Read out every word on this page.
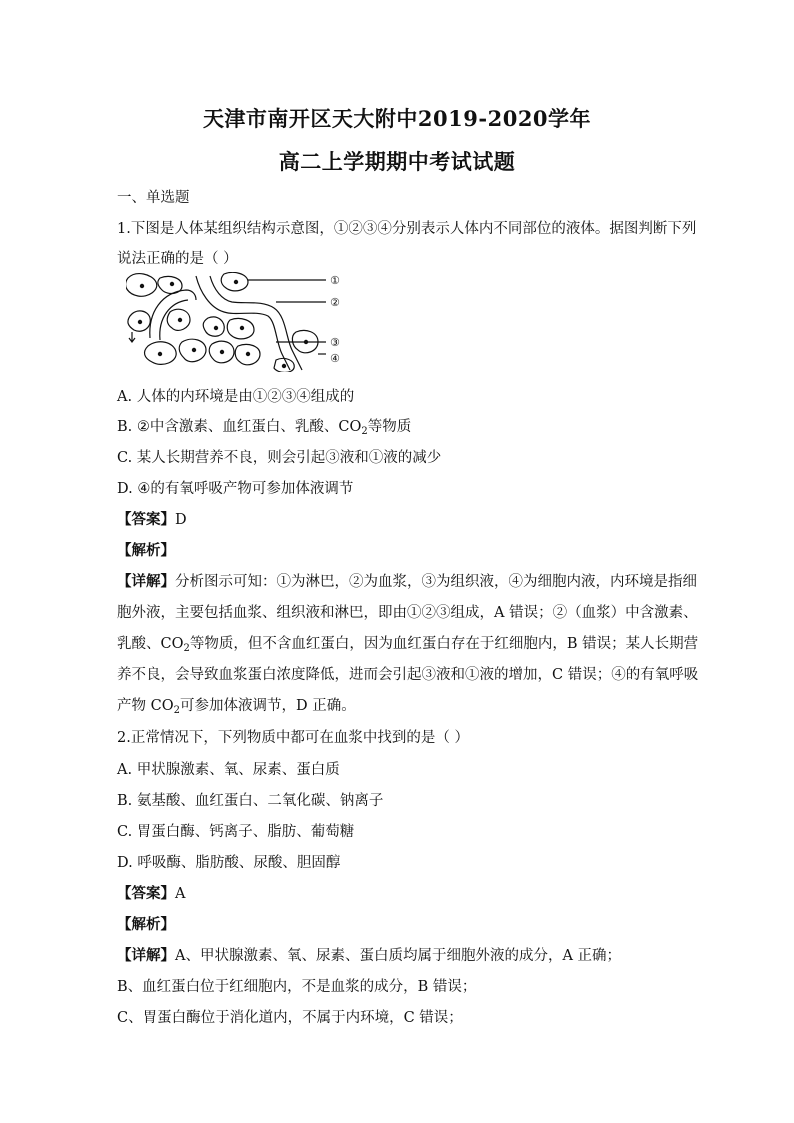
天津市南开区天大附中2019-2020学年
高二上学期期中考试试题
一、单选题
1.下图是人体某组织结构示意图，①②③④分别表示人体内不同部位的液体。据图判断下列
说法正确的是（ ）
①
②
③
④
A. 人体的内环境是由①②③④组成的
B. ②中含激素、血红蛋白、乳酸、$CO_2$等物质
C. 某人长期营养不良，则会引起③液和①液的减少
D. ④的有氧呼吸产物可参加体液调节
【答案】D
【解析】
【详解】分析图示可知：①为淋巴，②为血浆，③为组织液，④为细胞内液，内环境是指细
胞外液，主要包括血浆、组织液和淋巴，即由①②③组成，A 错误；②（血浆）中含激素、
乳酸、$CO_2$等物质，但不含血红蛋白，因为血红蛋白存在于红细胞内，B 错误；某人长期营
养不良，会导致血浆蛋白浓度降低，进而会引起③液和①液的增加，C 错误；④的有氧呼吸
产物 $CO_2$可参加体液调节，D 正确。
2.正常情况下，下列物质中都可在血浆中找到的是（ ）
A. 甲状腺激素、氧、尿素、蛋白质
B. 氨基酸、血红蛋白、二氧化碳、钠离子
C. 胃蛋白酶、钙离子、脂肪、葡萄糖
D. 呼吸酶、脂肪酸、尿酸、胆固醇
【答案】A
【解析】
【详解】A、甲状腺激素、氧、尿素、蛋白质均属于细胞外液的成分，A 正确；
B、血红蛋白位于红细胞内，不是血浆的成分，B 错误；
C、胃蛋白酶位于消化道内，不属于内环境，C 错误；
